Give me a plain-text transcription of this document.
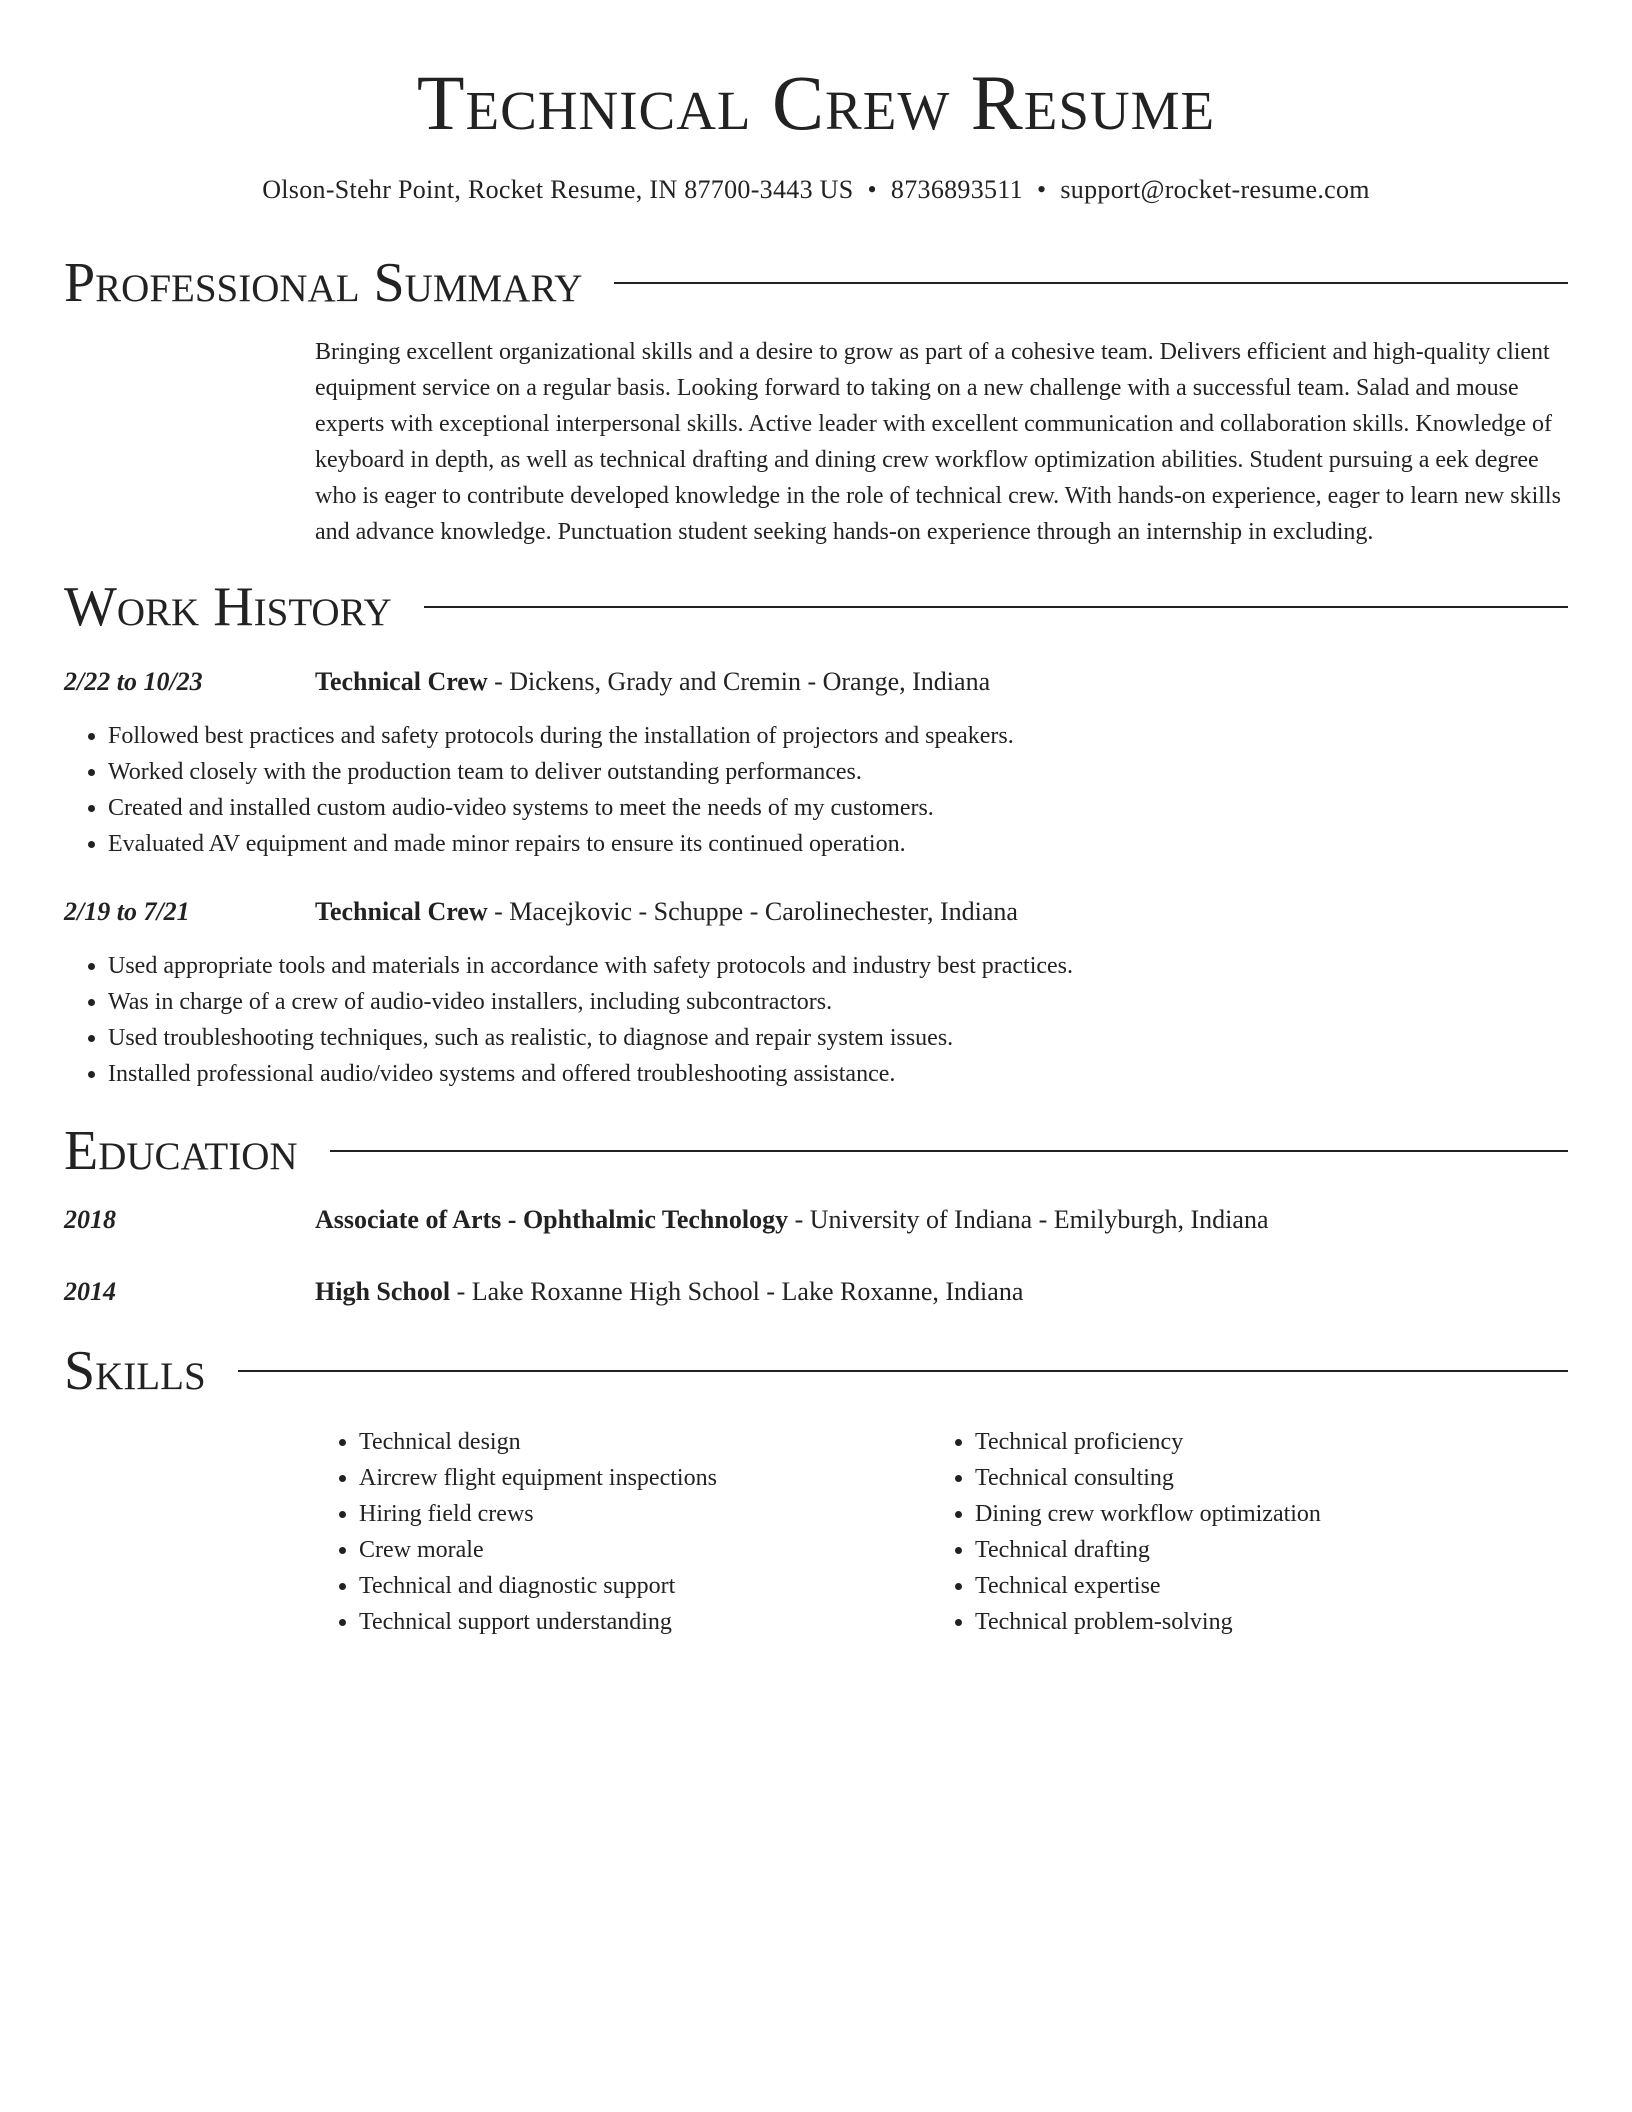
Technical Crew Resume
Olson-Stehr Point, Rocket Resume, IN 87700-3443 US • 8736893511 • support@rocket-resume.com
Professional Summary
Bringing excellent organizational skills and a desire to grow as part of a cohesive team. Delivers efficient and high-quality client equipment service on a regular basis. Looking forward to taking on a new challenge with a successful team. Salad and mouse experts with exceptional interpersonal skills. Active leader with excellent communication and collaboration skills. Knowledge of keyboard in depth, as well as technical drafting and dining crew workflow optimization abilities. Student pursuing a eek degree who is eager to contribute developed knowledge in the role of technical crew. With hands-on experience, eager to learn new skills and advance knowledge. Punctuation student seeking hands-on experience through an internship in excluding.
Work History
2/22 to 10/23	Technical Crew - Dickens, Grady and Cremin - Orange, Indiana
• Followed best practices and safety protocols during the installation of projectors and speakers.
• Worked closely with the production team to deliver outstanding performances.
• Created and installed custom audio-video systems to meet the needs of my customers.
• Evaluated AV equipment and made minor repairs to ensure its continued operation.
2/19 to 7/21	Technical Crew - Macejkovic - Schuppe - Carolinechester, Indiana
• Used appropriate tools and materials in accordance with safety protocols and industry best practices.
• Was in charge of a crew of audio-video installers, including subcontractors.
• Used troubleshooting techniques, such as realistic, to diagnose and repair system issues.
• Installed professional audio/video systems and offered troubleshooting assistance.
Education
2018	Associate of Arts - Ophthalmic Technology - University of Indiana - Emilyburgh, Indiana
2014	High School - Lake Roxanne High School - Lake Roxanne, Indiana
Skills
• Technical design
• Aircrew flight equipment inspections
• Hiring field crews
• Crew morale
• Technical and diagnostic support
• Technical support understanding
• Technical proficiency
• Technical consulting
• Dining crew workflow optimization
• Technical drafting
• Technical expertise
• Technical problem-solving
